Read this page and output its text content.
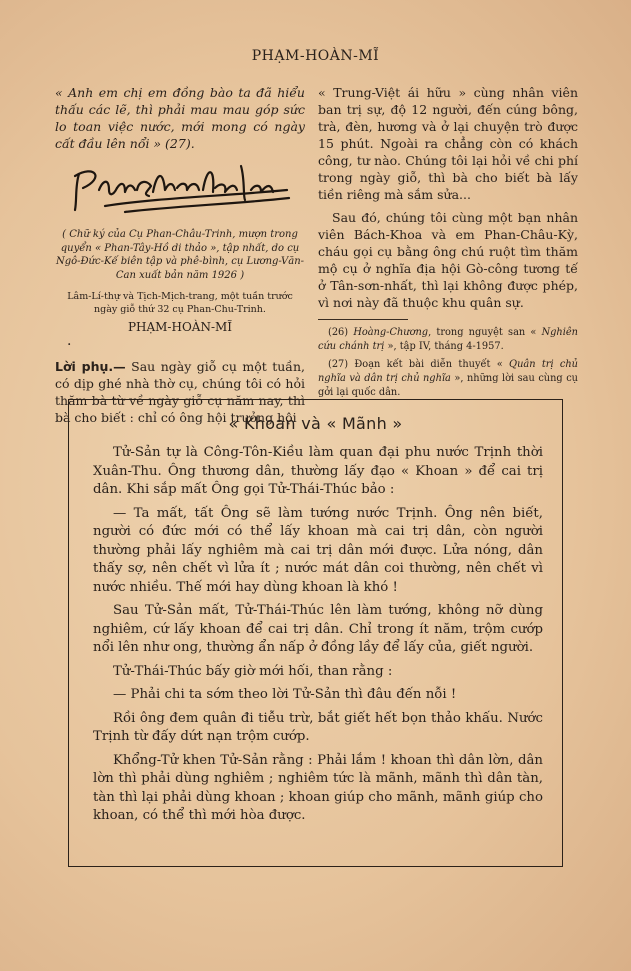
PHẠM-HOÀN-MĨ

« Anh em chị em đồng bào ta đã hiểu thấu các lẽ, thì phải mau mau góp sức lo toan việc nước, mới mong có ngày cất đầu lên nổi » (27).

( Chữ ký của Cụ Phan-Châu-Trinh, mượn trong quyển « Phan-Tây-Hồ di thảo », tập nhất, do cụ Ngô-Đức-Kế biên tập và phê-bình, cụ Lương-Văn-Can xuất bản năm 1926 )

Lâm-Lí-thự và Tịch-Mịch-trang, một tuần trước ngày giỗ thứ 32 cụ Phan-Chu-Trinh.

PHẠM-HOÀN-MĨ

·

Lời phụ.— Sau ngày giỗ cụ một tuần, có dịp ghé nhà thờ cụ, chúng tôi có hỏi thăm bà từ về ngày giỗ cụ năm nay, thì bà cho biết : chỉ có ông hội trưởng hội

« Trung-Việt ái hữu » cùng nhân viên ban trị sự, độ 12 người, đến cúng bông, trà, đèn, hương và ở lại chuyện trò được 15 phút. Ngoài ra chẳng còn có khách công, tư nào. Chúng tôi lại hỏi về chi phí trong ngày giỗ, thì bà cho biết bà lấy tiền riêng mà sắm sửa...

Sau đó, chúng tôi cùng một bạn nhân viên Bách-Khoa và em Phan-Châu-Kỳ, cháu gọi cụ bằng ông chú ruột tìm thăm mộ cụ ở nghĩa địa hội Gò-công tương tế ở Tân-sơn-nhất, thì lại không được phép, vì nơi này đã thuộc khu quân sự.

(26) Hoàng-Chương, trong nguyệt san « Nghiên cứu chánh trị », tập IV, tháng 4-1957.

(27) Đoạn kết bài diễn thuyết « Quân trị chủ nghĩa và dân trị chủ nghĩa », những lời sau cùng cụ gởi lại quốc dân.

« Khoan và « Mãnh »

Tử-Sản tự là Công-Tôn-Kiều làm quan đại phu nước Trịnh thời Xuân-Thu. Ông thương dân, thường lấy đạo « Khoan » để cai trị dân. Khi sắp mất Ông gọi Tử-Thái-Thúc bảo :

— Ta mất, tất Ông sẽ làm tướng nước Trịnh. Ông nên biết, người có đức mới có thể lấy khoan mà cai trị dân, còn người thường phải lấy nghiêm mà cai trị dân mới được. Lửa nóng, dân thấy sợ, nên chết vì lửa ít ; nước mát dân coi thường, nên chết vì nước nhiều. Thế mới hay dùng khoan là khó !

Sau Tử-Sản mất, Tử-Thái-Thúc lên làm tướng, không nỡ dùng nghiêm, cứ lấy khoan để cai trị dân. Chỉ trong ít năm, trộm cướp nổi lên như ong, thường ẩn nấp ở đồng lầy để lấy của, giết người.

Tử-Thái-Thúc bấy giờ mới hối, than rằng :

— Phải chi ta sớm theo lời Tử-Sản thì đâu đến nỗi !

Rồi ông đem quân đi tiễu trừ, bắt giết hết bọn thảo khấu. Nước Trịnh từ đấy dứt nạn trộm cướp.

Khổng-Tử khen Tử-Sản rằng : Phải lắm ! khoan thì dân lờn, dân lờn thì phải dùng nghiêm ; nghiêm tức là mãnh, mãnh thì dân tàn, tàn thì lại phải dùng khoan ; khoan giúp cho mãnh, mãnh giúp cho khoan, có thể thì mới hòa được.
